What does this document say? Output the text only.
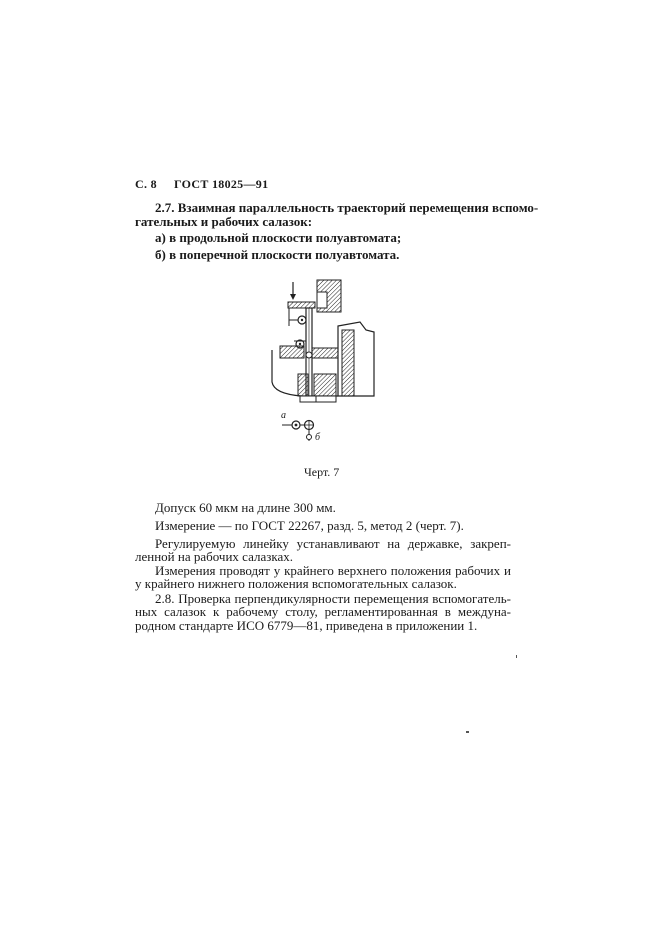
С. 8 ГОСТ 18025—91
2.7. Взаимная параллельность траекторий перемещения вспомо-
гательных и рабочих салазок:
а) в продольной плоскости полуавтомата;
б) в поперечной плоскости полуавтомата.
а
б
Черт. 7
Допуск 60 мкм на длине 300 мм.
Измерение — по ГОСТ 22267, разд. 5, метод 2 (черт. 7).
Регулируемую линейку устанавливают на державке, закреп-
ленной на рабочих салазках.
Измерения проводят у крайнего верхнего положения рабочих и
у крайнего нижнего положения вспомогательных салазок.
2.8. Проверка перпендикулярности перемещения вспомогатель-
ных салазок к рабочему столу, регламентированная в междуна-
родном стандарте ИСО 6779—81, приведена в приложении 1.
